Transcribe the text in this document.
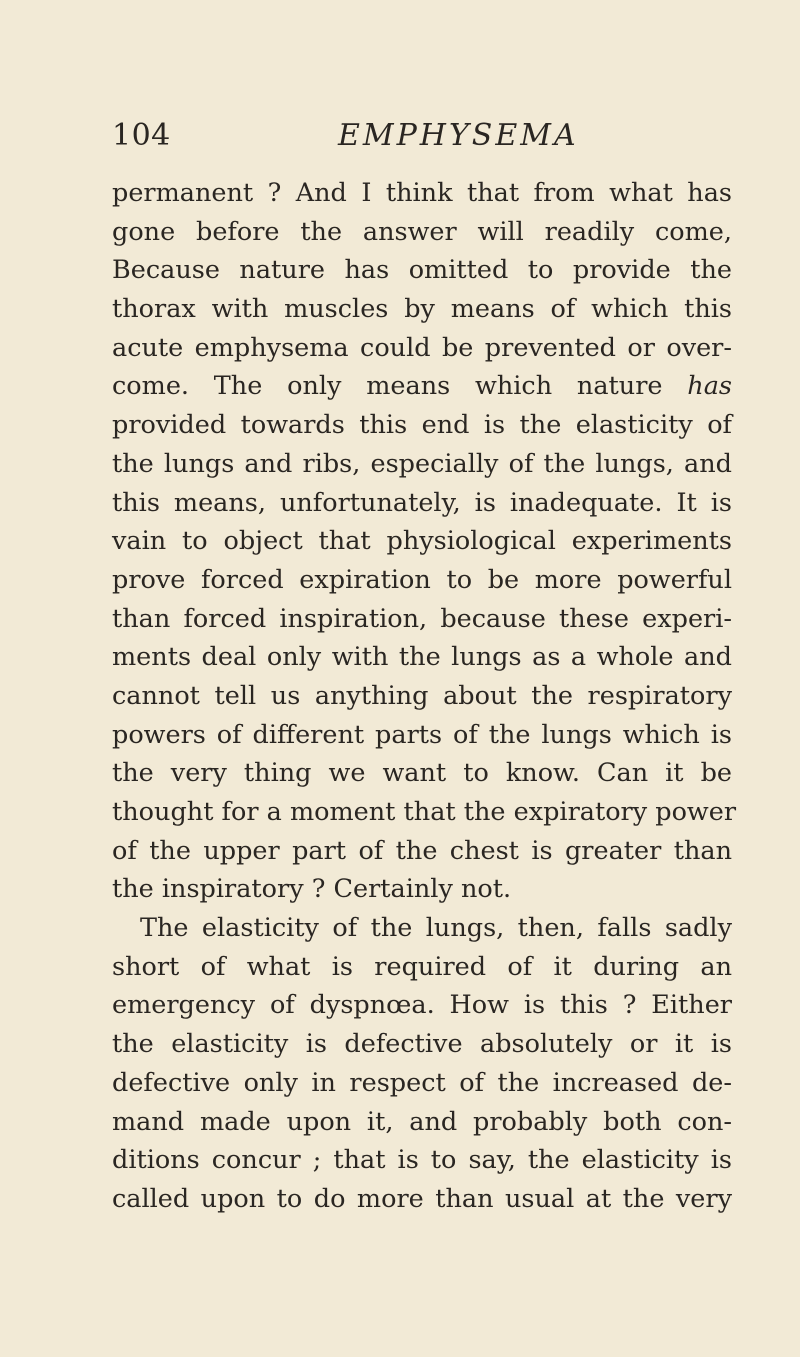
104	EMPHYSEMA
permanent ? And I think that from what has
gone before the answer will readily come,
Because nature has omitted to provide the
thorax with muscles by means of which this
acute emphysema could be prevented or over-
come. The only means which nature has
provided towards this end is the elasticity of
the lungs and ribs, especially of the lungs, and
this means, unfortunately, is inadequate. It is
vain to object that physiological experiments
prove forced expiration to be more powerful
than forced inspiration, because these experi-
ments deal only with the lungs as a whole and
cannot tell us anything about the respiratory
powers of different parts of the lungs which is
the very thing we want to know. Can it be
thought for a moment that the expiratory power
of the upper part of the chest is greater than
the inspiratory ? Certainly not.
The elasticity of the lungs, then, falls sadly
short of what is required of it during an
emergency of dyspnœa. How is this ? Either
the elasticity is defective absolutely or it is
defective only in respect of the increased de-
mand made upon it, and probably both con-
ditions concur ; that is to say, the elasticity is
called upon to do more than usual at the very
